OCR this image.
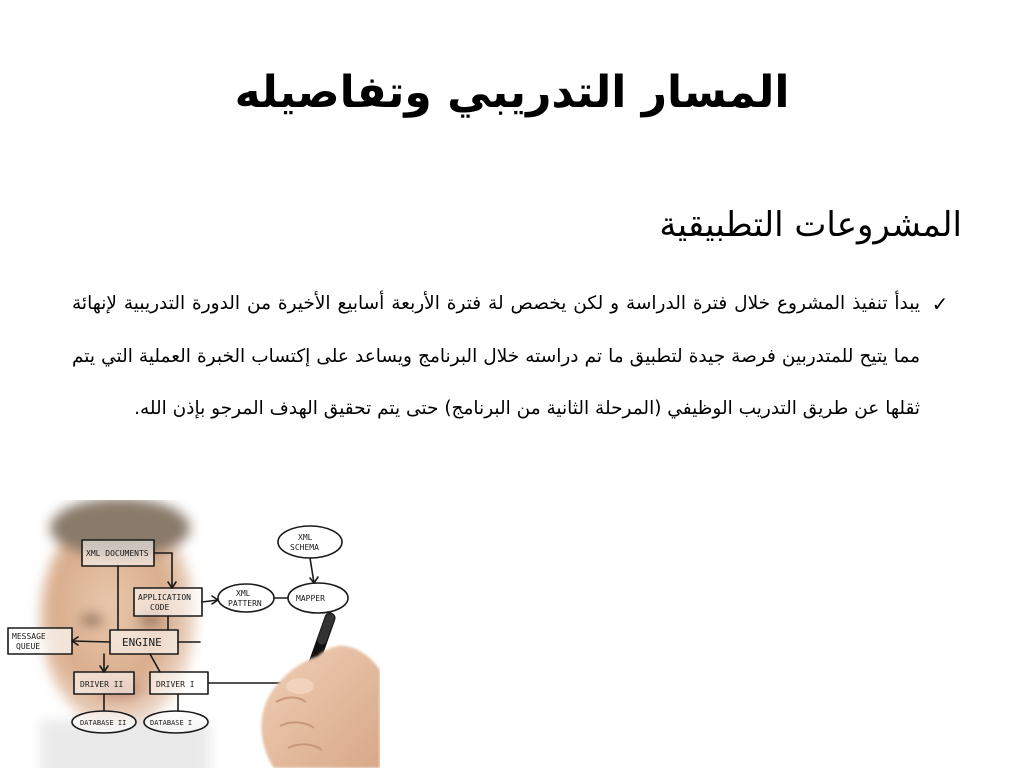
المسار التدريبي وتفاصيله
المشروعات التطبيقية
✓
يبدأ تنفيذ المشروع خلال فترة الدراسة و لكن يخصص لة فترة الأربعة أسابيع الأخيرة من الدورة التدريبية لإنهائة مما يتيح للمتدربين فرصة جيدة لتطبيق ما تم دراسته خلال البرنامج ويساعد على إكتساب الخبرة العملية التي يتم ثقلها عن طريق التدريب الوظيفي (المرحلة الثانية من البرنامج) حتى يتم تحقيق الهدف المرجو بإذن الله.
XML DOCUMENTS
APPLICATION
CODE
ENGINE
MESSAGE
QUEUE
DRIVER II	DRIVER I
DATABASE II	DATABASE I
XML
SCHEMA
MAPPER
XML
PATTERN
